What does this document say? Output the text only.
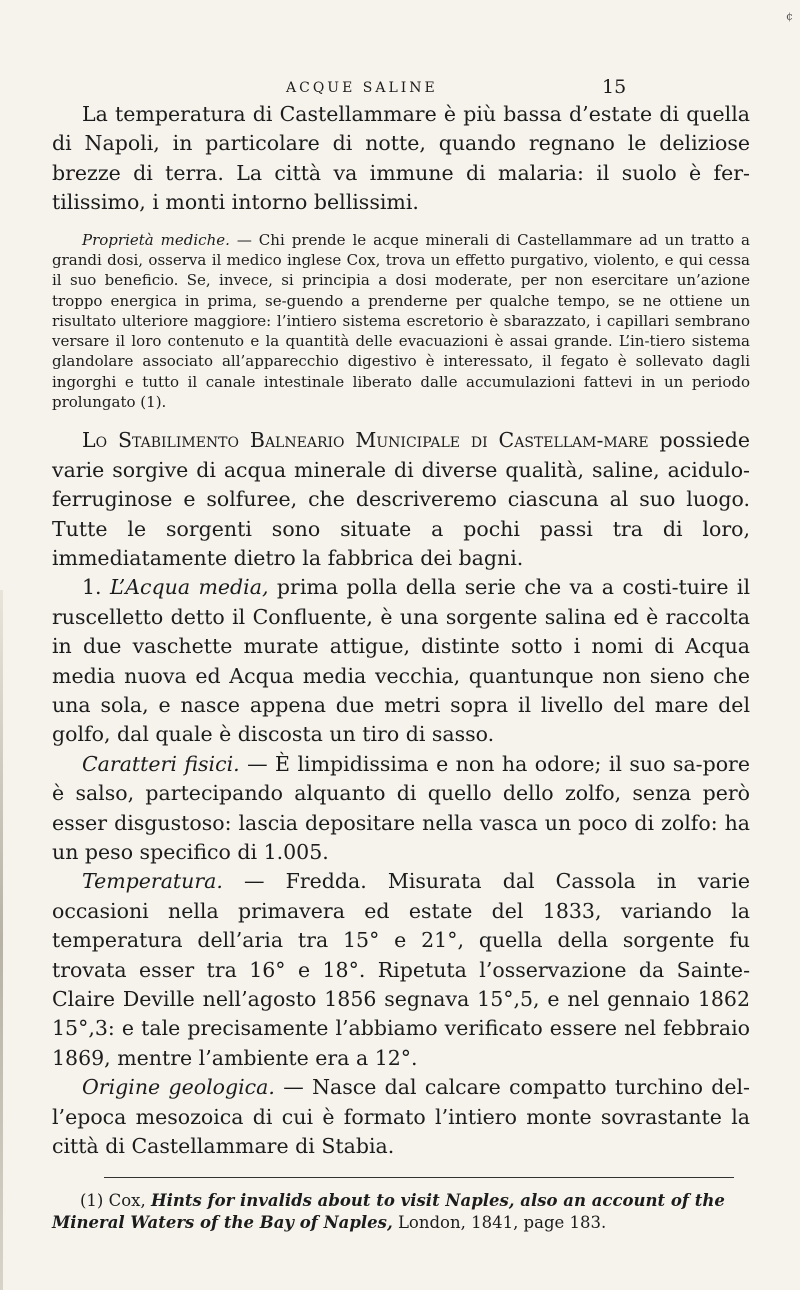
¢
ACQUE SALINE	15

La temperatura di Castellammare è più bassa d’estate di quella di Napoli, in particolare di notte, quando regnano le deliziose brezze di terra. La città va immune di malaria: il suolo è fer-tilissimo, i monti intorno bellissimi.

Proprietà mediche. — Chi prende le acque minerali di Castellammare ad un tratto a grandi dosi, osserva il medico inglese Cox, trova un effetto purgativo, violento, e qui cessa il suo beneficio. Se, invece, si principia a dosi moderate, per non esercitare un’azione troppo energica in prima, se-guendo a prenderne per qualche tempo, se ne ottiene un risultato ulteriore maggiore: l’intiero sistema escretorio è sbarazzato, i capillari sembrano versare il loro contenuto e la quantità delle evacuazioni è assai grande. L’in-tiero sistema glandolare associato all’apparecchio digestivo è interessato, il fegato è sollevato dagli ingorghi e tutto il canale intestinale liberato dalle accumulazioni fattevi in un periodo prolungato (1).

Lo Stabilimento Balneario Municipale di Castellam-mare possiede varie sorgive di acqua minerale di diverse qualità, saline, acidulo-ferruginose e solfuree, che descriveremo ciascuna al suo luogo. Tutte le sorgenti sono situate a pochi passi tra di loro, immediatamente dietro la fabbrica dei bagni.

1. L’Acqua media, prima polla della serie che va a costi-tuire il ruscelletto detto il Confluente, è una sorgente salina ed è raccolta in due vaschette murate attigue, distinte sotto i nomi di Acqua media nuova ed Acqua media vecchia, quantunque non sieno che una sola, e nasce appena due metri sopra il livello del mare del golfo, dal quale è discosta un tiro di sasso.

Caratteri fisici. — È limpidissima e non ha odore; il suo sa-pore è salso, partecipando alquanto di quello dello zolfo, senza però esser disgustoso: lascia depositare nella vasca un poco di zolfo: ha un peso specifico di 1.005.

Temperatura. — Fredda. Misurata dal Cassola in varie occasioni nella primavera ed estate del 1833, variando la temperatura dell’aria tra 15° e 21°, quella della sorgente fu trovata esser tra 16° e 18°. Ripetuta l’osservazione da Sainte-Claire Deville nell’agosto 1856 segnava 15°,5, e nel gennaio 1862 15°,3: e tale precisamente l’abbiamo verificato essere nel febbraio 1869, mentre l’ambiente era a 12°.

Origine geologica. — Nasce dal calcare compatto turchino del-l’epoca mesozoica di cui è formato l’intiero monte sovrastante la città di Castellammare di Stabia.

(1) Cox, Hints for invalids about to visit Naples, also an account of the Mineral Waters of the Bay of Naples, London, 1841, page 183.
